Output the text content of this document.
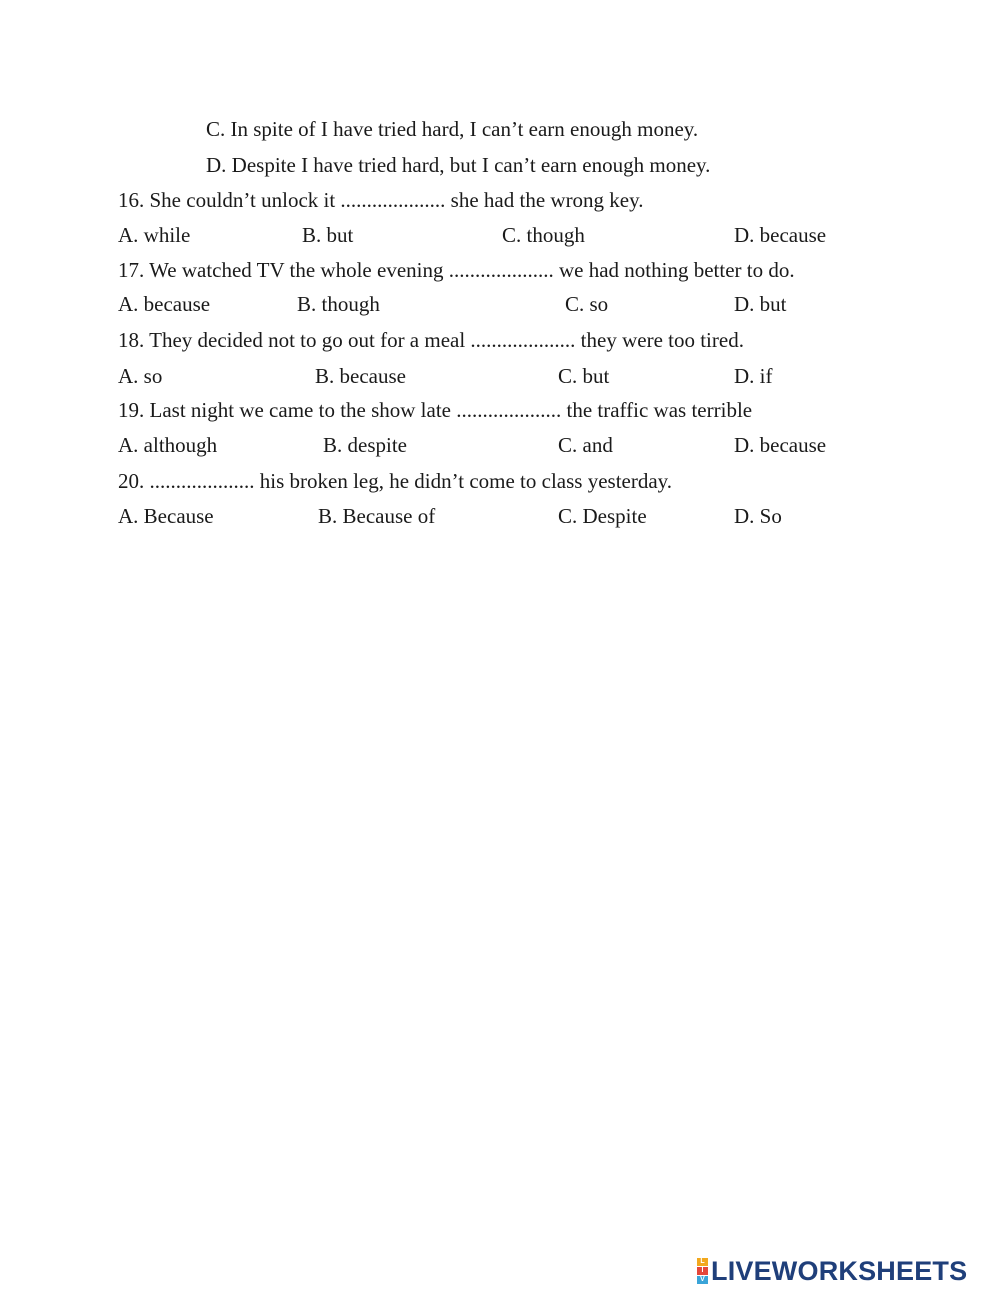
C. In spite of I have tried hard, I can’t earn enough money.
D. Despite I have tried hard, but I can’t earn enough money.
16. She couldn’t unlock it .................... she had the wrong key.
A. while	B. but	C. though	D. because
17. We watched TV the whole evening .................... we had nothing better to do.
A. because	B. though	C. so	D. but
18. They decided not to go out for a meal .................... they were too tired.
A. so	B. because	C. but	D. if
19. Last night we came to the show late .................... the traffic was terrible
A. although	B. despite	C. and	D. because
20. .................... his broken leg, he didn’t come to class yesterday.
A. Because	B. Because of	C. Despite	D. So
L
I
V LIVEWORKSHEETS
